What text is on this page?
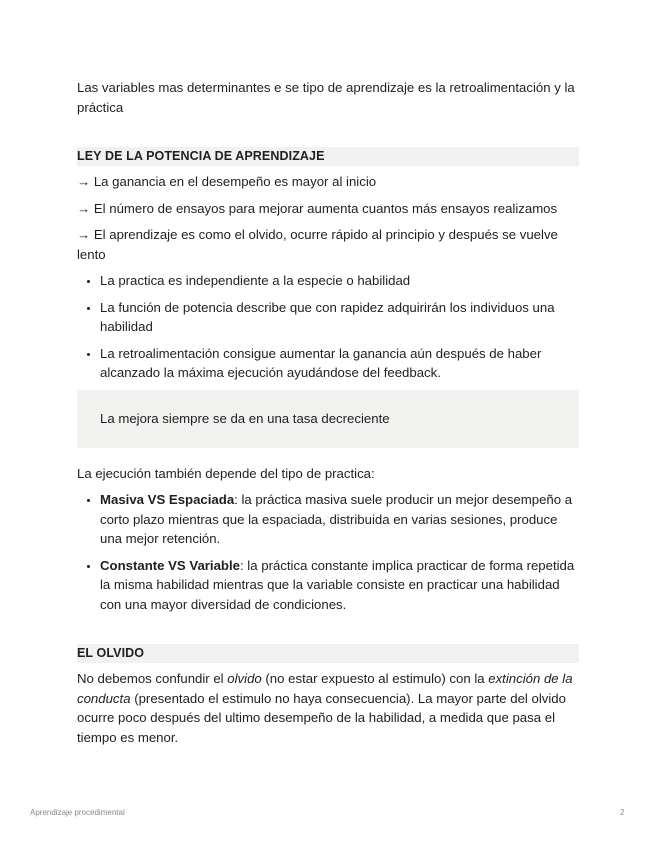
Las variables mas determinantes e se tipo de aprendizaje es la retroalimentación y la práctica

LEY DE LA POTENCIA DE APRENDIZAJE

→ La ganancia en el desempeño es mayor al inicio

→ El número de ensayos para mejorar aumenta cuantos más ensayos realizamos

→ El aprendizaje es como el olvido, ocurre rápido al principio y después se vuelve lento

• La practica es independiente a la especie o habilidad
• La función de potencia describe que con rapidez adquirirán los individuos una habilidad
• La retroalimentación consigue aumentar la ganancia aún después de haber alcanzado la máxima ejecución ayudándose del feedback.
La mejora siempre se da en una tasa decreciente

La ejecución también depende del tipo de practica:

• Masiva VS Espaciada: la práctica masiva suele producir un mejor desempeño a corto plazo mientras que la espaciada, distribuida en varias sesiones, produce una mejor retención.
• Constante VS Variable: la práctica constante implica practicar de forma repetida la misma habilidad mientras que la variable consiste en practicar una habilidad con una mayor diversidad de condiciones.
EL OLVIDO

No debemos confundir el olvido (no estar expuesto al estimulo) con la extinción de la conducta (presentado el estimulo no haya consecuencia). La mayor parte del olvido ocurre poco después del ultimo desempeño de la habilidad, a medida que pasa el tiempo es menor.

Aprendizaje procedimental	2
